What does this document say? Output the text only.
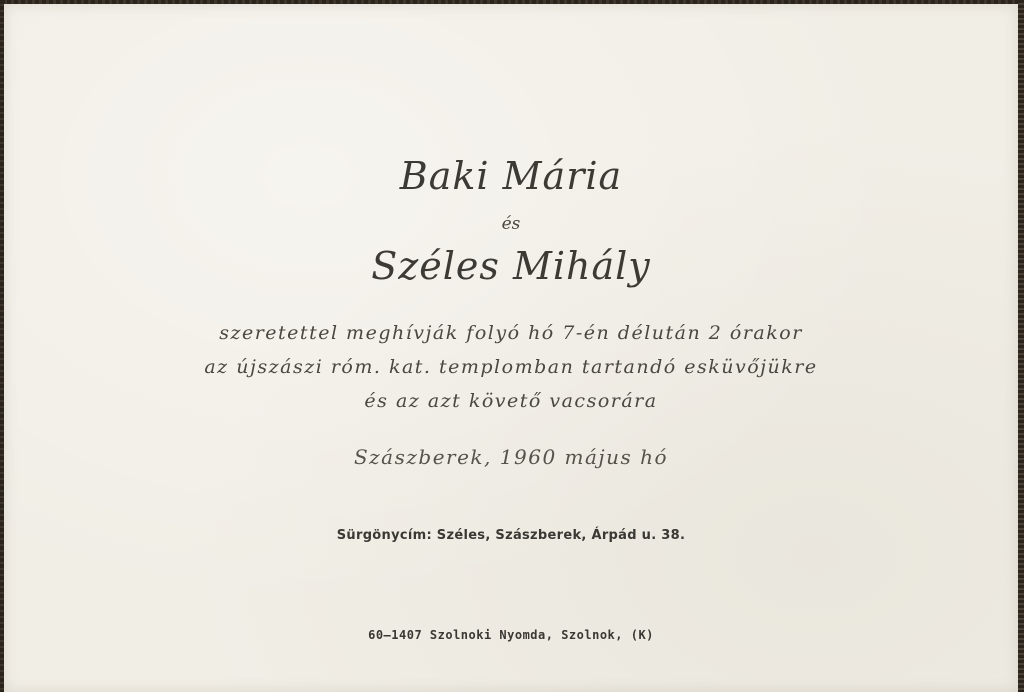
Baki Mária
és
Széles Mihály
szeretettel meghívják folyó hó 7-én délután 2 órakor
az újszászi róm. kat. templomban tartandó esküvőjükre
és az azt követő vacsorára
Szászberek, 1960 május hó
Sürgönycím: Széles, Szászberek, Árpád u. 38.
60—1407 Szolnoki Nyomda, Szolnok, (K)
